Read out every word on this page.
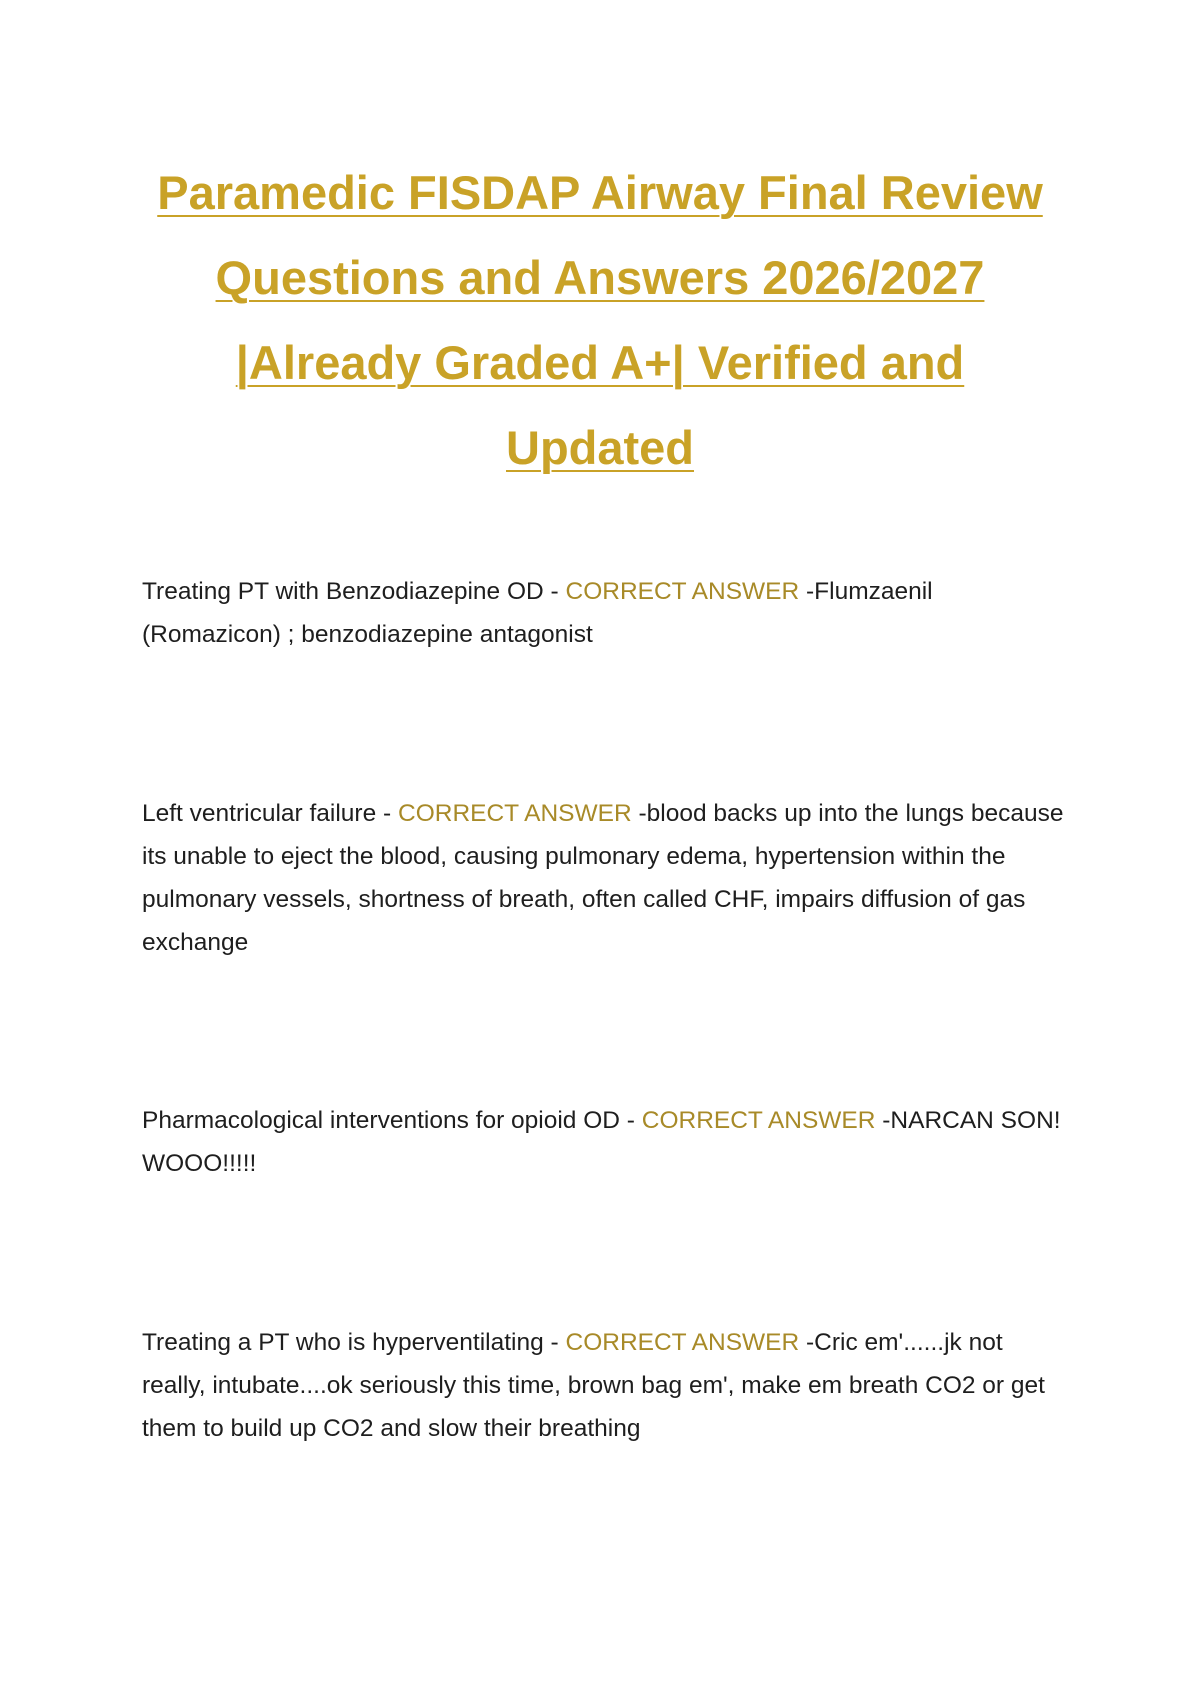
Paramedic FISDAP Airway Final Review
Questions and Answers 2026/2027
|Already Graded A+| Verified and
Updated

Treating PT with Benzodiazepine OD - CORRECT ANSWER -Flumzaenil (Romazicon) ; benzodiazepine antagonist

Left ventricular failure - CORRECT ANSWER -blood backs up into the lungs because its unable to eject the blood, causing pulmonary edema, hypertension within the pulmonary vessels, shortness of breath, often called CHF, impairs diffusion of gas exchange

Pharmacological interventions for opioid OD - CORRECT ANSWER -NARCAN SON! WOOO!!!!!

Treating a PT who is hyperventilating - CORRECT ANSWER -Cric em'......jk not really, intubate....ok seriously this time, brown bag em', make em breath CO2 or get them to build up CO2 and slow their breathing
